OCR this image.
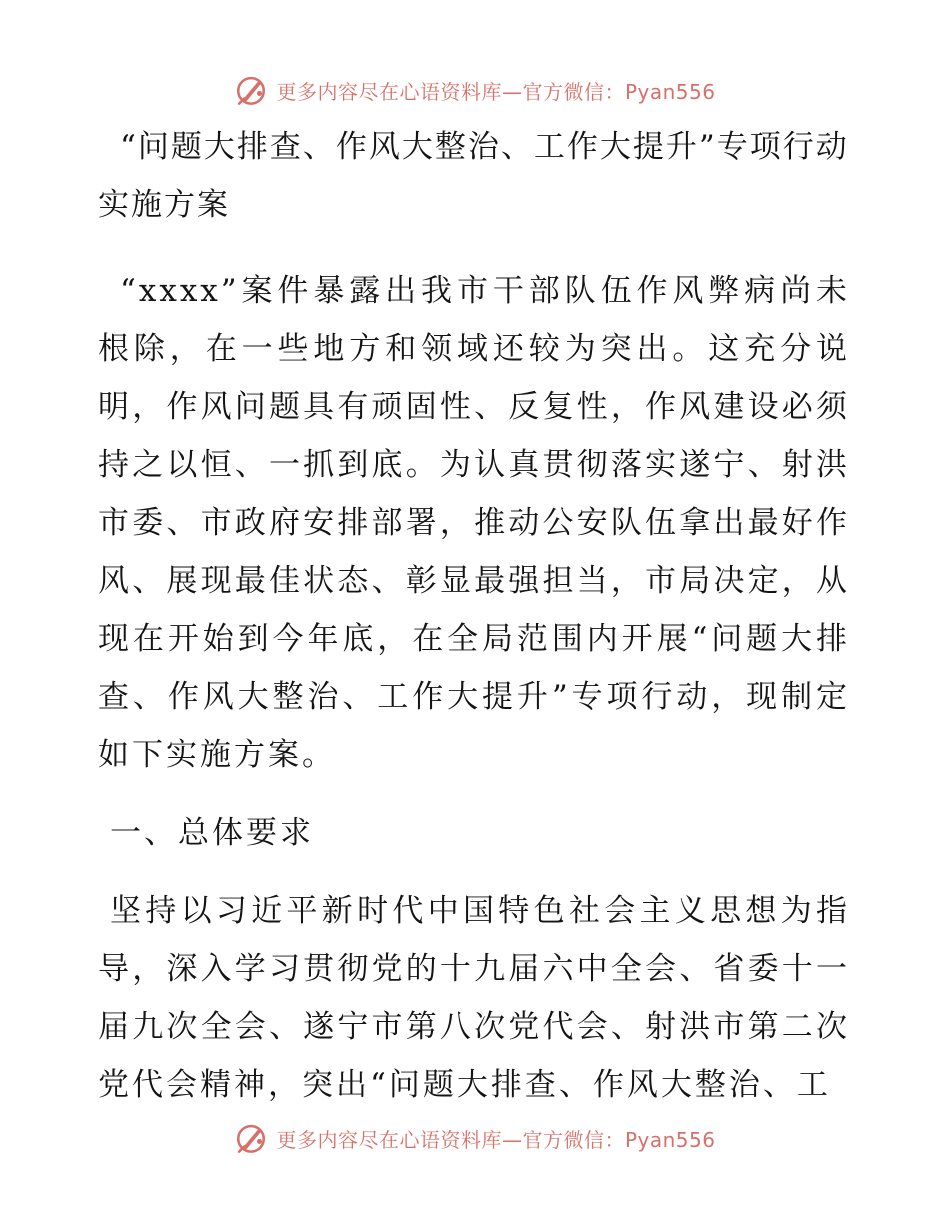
更多内容尽在心语资料库—官方微信：Pyan556
“问题大排查、作风大整治、工作大提升”专项行动实施方案

“xxxx”案件暴露出我市干部队伍作风弊病尚未根除，在一些地方和领域还较为突出。这充分说明，作风问题具有顽固性、反复性，作风建设必须持之以恒、一抓到底。为认真贯彻落实遂宁、射洪市委、市政府安排部署，推动公安队伍拿出最好作风、展现最佳状态、彰显最强担当，市局决定，从现在开始到今年底，在全局范围内开展“问题大排查、作风大整治、工作大提升”专项行动，现制定如下实施方案。

一、总体要求

坚持以习近平新时代中国特色社会主义思想为指导，深入学习贯彻党的十九届六中全会、省委十一届九次全会、遂宁市第八次党代会、射洪市第二次党代会精神，突出“问题大排查、作风大整治、工

更多内容尽在心语资料库—官方微信：Pyan556
